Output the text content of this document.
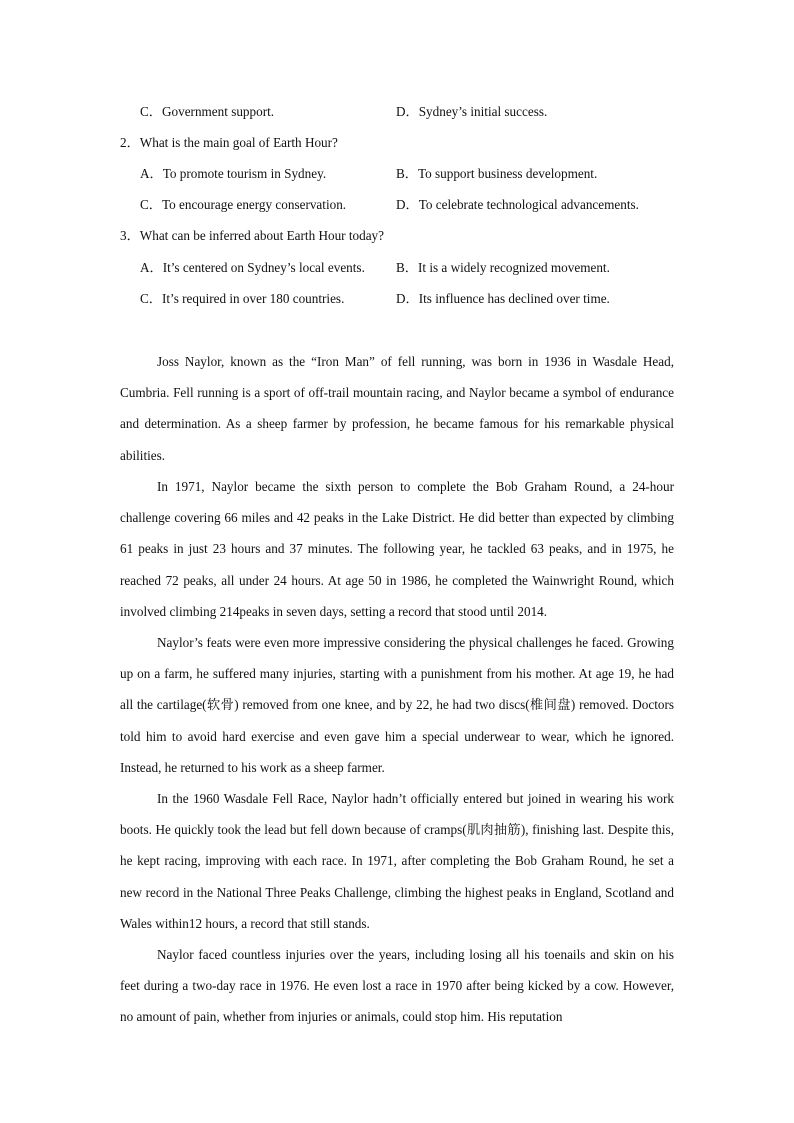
C．Government support.	D．Sydney’s initial success.
2．What is the main goal of Earth Hour?
A．To promote tourism in Sydney.	B．To support business development.
C．To encourage energy conservation.	D．To celebrate technological advancements.
3．What can be inferred about Earth Hour today?
A．It’s centered on Sydney’s local events. B．It is a widely recognized movement.
C．It’s required in over 180 countries.	D．Its influence has declined over time.

Joss Naylor, known as the “Iron Man” of fell running, was born in 1936 in Wasdale Head, Cumbria. Fell running is a sport of off-trail mountain racing, and Naylor became a symbol of endurance and determination. As a sheep farmer by profession, he became famous for his remarkable physical abilities.

In 1971, Naylor became the sixth person to complete the Bob Graham Round, a 24-hour challenge covering 66 miles and 42 peaks in the Lake District. He did better than expected by climbing 61 peaks in just 23 hours and 37 minutes. The following year, he tackled 63 peaks, and in 1975, he reached 72 peaks, all under 24 hours. At age 50 in 1986, he completed the Wainwright Round, which involved climbing 214peaks in seven days, setting a record that stood until 2014.

Naylor’s feats were even more impressive considering the physical challenges he faced. Growing up on a farm, he suffered many injuries, starting with a punishment from his mother. At age 19, he had all the cartilage(软骨) removed from one knee, and by 22, he had two discs(椎间盘) removed. Doctors told him to avoid hard exercise and even gave him a special underwear to wear, which he ignored. Instead, he returned to his work as a sheep farmer.

In the 1960 Wasdale Fell Race, Naylor hadn’t officially entered but joined in wearing his work boots. He quickly took the lead but fell down because of cramps(肌肉抽筋), finishing last. Despite this, he kept racing, improving with each race. In 1971, after completing the Bob Graham Round, he set a new record in the National Three Peaks Challenge, climbing the highest peaks in England, Scotland and Wales within12 hours, a record that still stands.

Naylor faced countless injuries over the years, including losing all his toenails and skin on his feet during a two-day race in 1976. He even lost a race in 1970 after being kicked by a cow. However, no amount of pain, whether from injuries or animals, could stop him. His reputation
